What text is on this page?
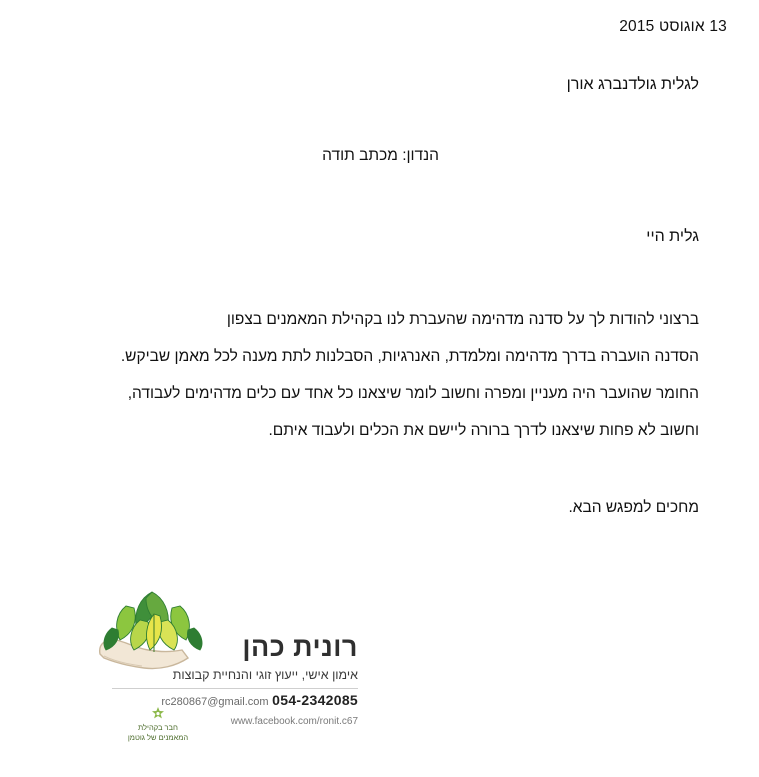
13 אוגוסט 2015
לגלית גולדנברג אורן
הנדון: מכתב תודה
גלית היי

ברצוני להודות לך על סדנה מדהימה שהעברת לנו בקהילת המאמנים בצפון

הסדנה הועברה בדרך מדהימה ומלמדת, האנרגיות, הסבלנות לתת מענה לכל מאמן שביקש.

החומר שהועבר היה מעניין ומפרה וחשוב לומר שיצאנו כל אחד עם כלים מדהימים לעבודה,

וחשוב לא פחות שיצאנו לדרך ברורה ליישם את הכלים ולעבוד איתם.

מחכים למפגש הבא.
רונית כהן
אימון אישי, ייעוץ זוגי והנחיית קבוצות
rc280867@gmail.com 054-2342085
www.facebook.com/ronit.c67
חבר בקהילת
המאמנים של גוטמן
